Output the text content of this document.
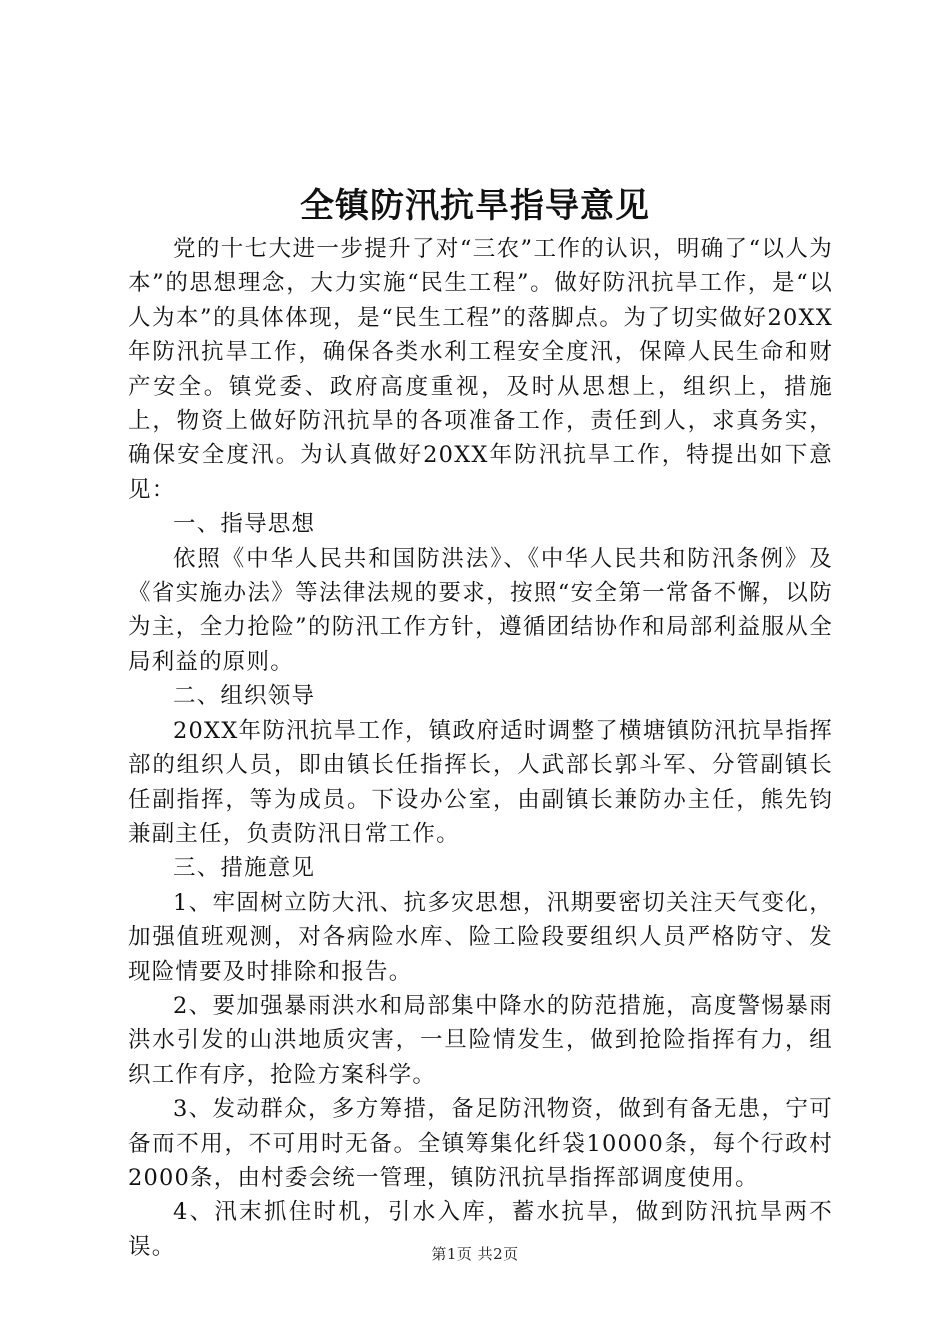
全镇防汛抗旱指导意见

党的十七大进一步提升了对“三农”工作的认识，明确了“以人为本”的思想理念，大力实施“民生工程”。做好防汛抗旱工作，是“以人为本”的具体体现，是“民生工程”的落脚点。为了切实做好20XX年防汛抗旱工作，确保各类水利工程安全度汛，保障人民生命和财产安全。镇党委、政府高度重视，及时从思想上，组织上，措施上，物资上做好防汛抗旱的各项准备工作，责任到人，求真务实，确保安全度汛。为认真做好20XX年防汛抗旱工作，特提出如下意见：

一、指导思想

依照《中华人民共和国防洪法》、《中华人民共和防汛条例》及《省实施办法》等法律法规的要求，按照“安全第一常备不懈，以防为主，全力抢险”的防汛工作方针，遵循团结协作和局部利益服从全局利益的原则。

二、组织领导

20XX年防汛抗旱工作，镇政府适时调整了横塘镇防汛抗旱指挥部的组织人员，即由镇长任指挥长，人武部长郭斗军、分管副镇长任副指挥，等为成员。下设办公室，由副镇长兼防办主任，熊先钧兼副主任，负责防汛日常工作。

三、措施意见

1、牢固树立防大汛、抗多灾思想，汛期要密切关注天气变化，加强值班观测，对各病险水库、险工险段要组织人员严格防守、发现险情要及时排除和报告。

2、要加强暴雨洪水和局部集中降水的防范措施，高度警惕暴雨洪水引发的山洪地质灾害，一旦险情发生，做到抢险指挥有力，组织工作有序，抢险方案科学。

3、发动群众，多方筹措，备足防汛物资，做到有备无患，宁可备而不用，不可用时无备。全镇筹集化纤袋10000条，每个行政村2000条，由村委会统一管理，镇防汛抗旱指挥部调度使用。

4、汛末抓住时机，引水入库，蓄水抗旱，做到防汛抗旱两不误。	第1页 共2页
